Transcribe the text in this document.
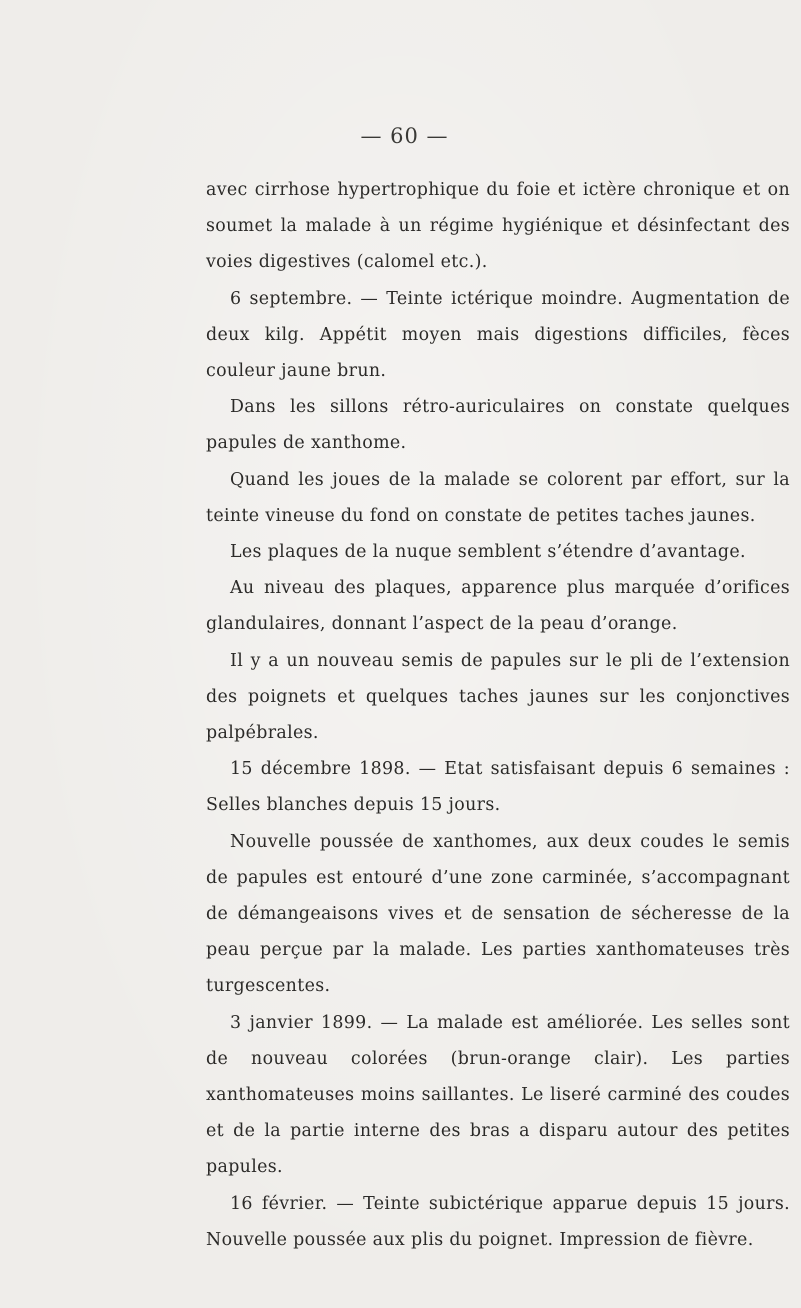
— 60 —

avec cirrhose hypertrophique du foie et ictère chronique et on soumet la malade à un régime hygiénique et désinfectant des voies digestives (calomel etc.).

6 septembre. — Teinte ictérique moindre. Augmentation de deux kilg. Appétit moyen mais digestions difficiles, fèces couleur jaune brun.

Dans les sillons rétro-auriculaires on constate quelques papules de xanthome.

Quand les joues de la malade se colorent par effort, sur la teinte vineuse du fond on constate de petites taches jaunes.

Les plaques de la nuque semblent s’étendre d’avantage.

Au niveau des plaques, apparence plus marquée d’orifices glandulaires, donnant l’aspect de la peau d’orange.

Il y a un nouveau semis de papules sur le pli de l’extension des poignets et quelques taches jaunes sur les conjonctives palpébrales.

15 décembre 1898. — Etat satisfaisant depuis 6 semaines : Selles blanches depuis 15 jours.

Nouvelle poussée de xanthomes, aux deux coudes le semis de papules est entouré d’une zone carminée, s’accompagnant de démangeaisons vives et de sensation de sécheresse de la peau perçue par la malade. Les parties xanthomateuses très turgescentes.

3 janvier 1899. — La malade est améliorée. Les selles sont de nouveau colorées (brun-orange clair). Les parties xanthomateuses moins saillantes. Le liseré carminé des coudes et de la partie interne des bras a disparu autour des petites papules.

16 février. — Teinte subictérique apparue depuis 15 jours. Nouvelle poussée aux plis du poignet. Impression de fièvre.
